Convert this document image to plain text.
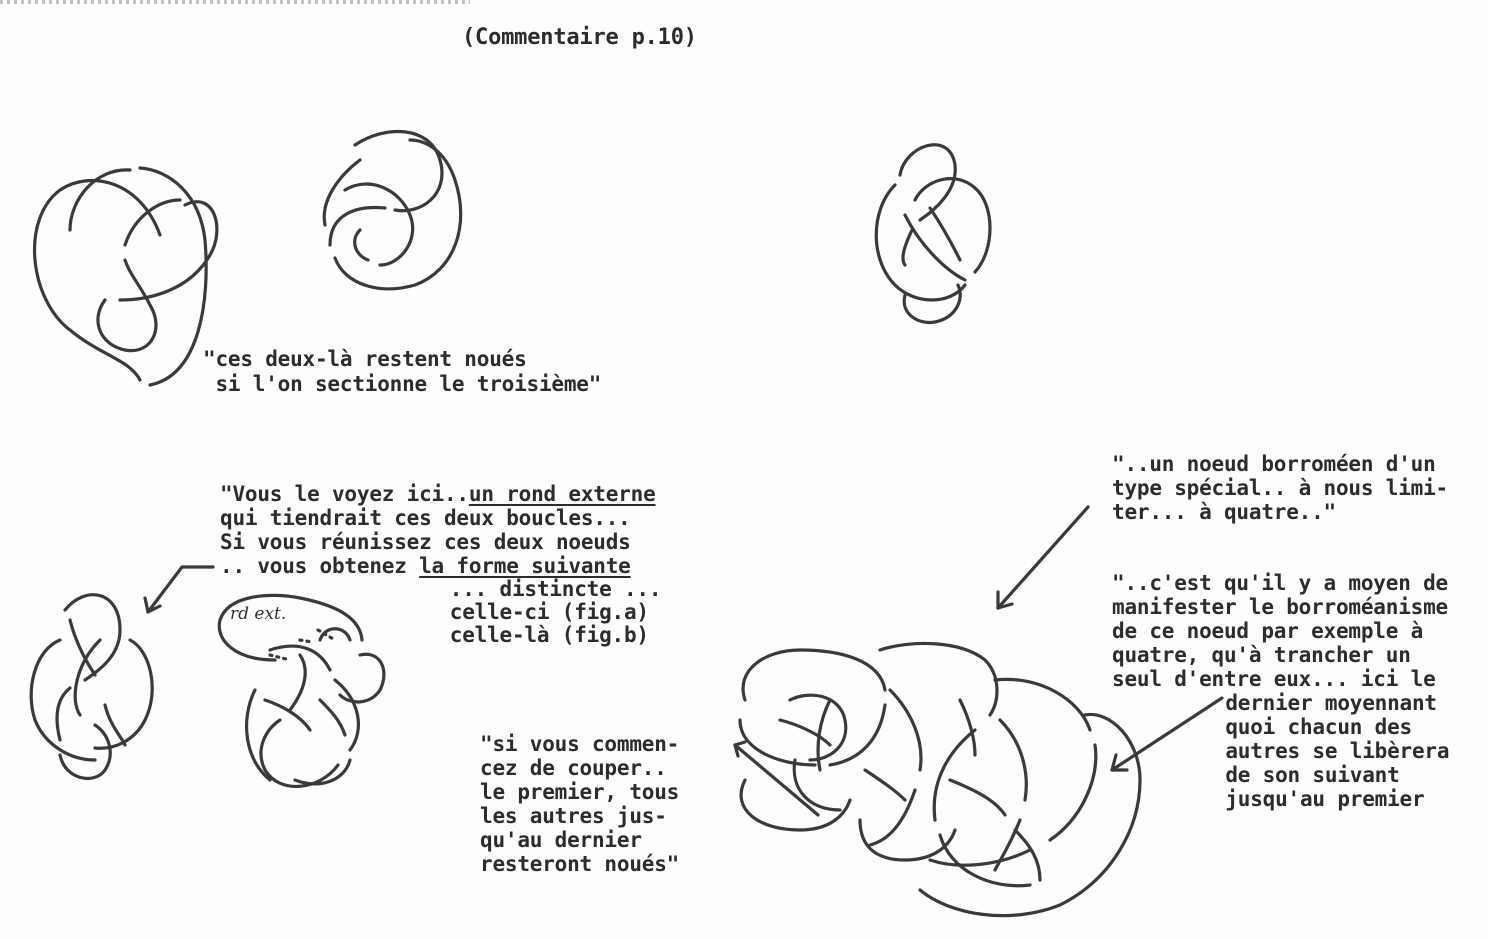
(Commentaire p.10)
"ces deux-là restent noués
si l'on sectionne le troisième"
"Vous le voyez ici..un rond externe
qui tiendrait ces deux boucles...
Si vous réunissez ces deux noeuds
.. vous obtenez la forme suivante
... distincte ...
celle-ci (fig.a)
celle-là (fig.b)
rd ext.
"si vous commen-
cez de couper..
le premier, tous
les autres jus-
qu'au dernier
resteront noués"
"..un noeud borroméen d'un
type spécial.. à nous limi-
ter... à quatre.."
"..c'est qu'il y a moyen de
manifester le borroméanisme
de ce noeud par exemple à
quatre, qu'à trancher un
seul d'entre eux... ici le
dernier moyennant
quoi chacun des
autres se libèrera
de son suivant
jusqu'au premier
